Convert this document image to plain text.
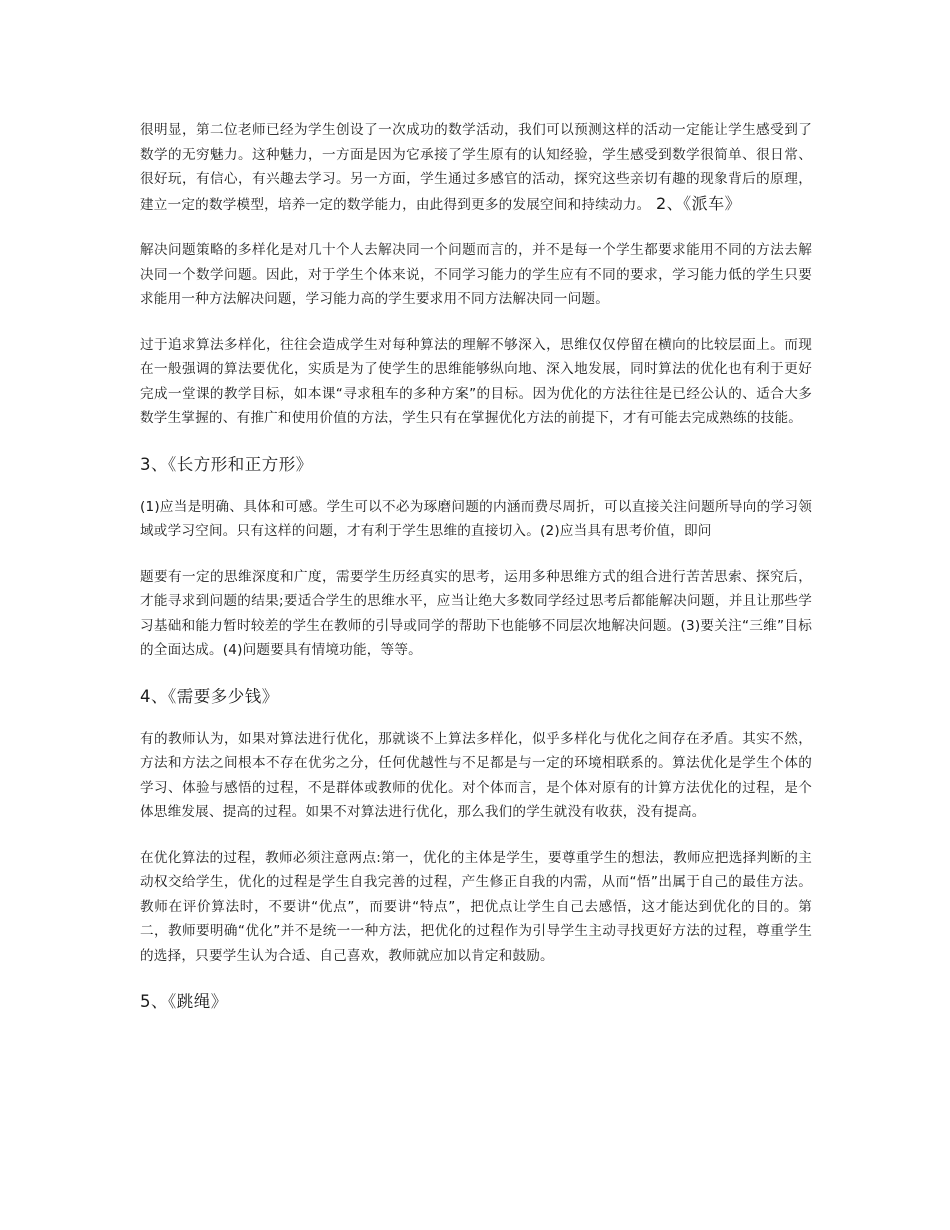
很明显，第二位老师已经为学生创设了一次成功的数学活动，我们可以预测这样的活动一定能让学生感受到了数学的无穷魅力。这种魅力，一方面是因为它承接了学生原有的认知经验，学生感受到数学很简单、很日常、很好玩，有信心，有兴趣去学习。另一方面，学生通过多感官的活动，探究这些亲切有趣的现象背后的原理，建立一定的数学模型，培养一定的数学能力，由此得到更多的发展空间和持续动力。 2、《派车》

解决问题策略的多样化是对几十个人去解决同一个问题而言的，并不是每一个学生都要求能用不同的方法去解决同一个数学问题。因此，对于学生个体来说，不同学习能力的学生应有不同的要求，学习能力低的学生只要求能用一种方法解决问题，学习能力高的学生要求用不同方法解决同一问题。

过于追求算法多样化，往往会造成学生对每种算法的理解不够深入，思维仅仅停留在横向的比较层面上。而现在一般强调的算法要优化，实质是为了使学生的思维能够纵向地、深入地发展，同时算法的优化也有利于更好完成一堂课的教学目标，如本课“寻求租车的多种方案”的目标。因为优化的方法往往是已经公认的、适合大多数学生掌握的、有推广和使用价值的方法，学生只有在掌握优化方法的前提下，才有可能去完成熟练的技能。

3、《长方形和正方形》

(1)应当是明确、具体和可感。学生可以不必为琢磨问题的内涵而费尽周折，可以直接关注问题所导向的学习领域或学习空间。只有这样的问题，才有利于学生思维的直接切入。(2)应当具有思考价值，即问

题要有一定的思维深度和广度，需要学生历经真实的思考，运用多种思维方式的组合进行苦苦思索、探究后，才能寻求到问题的结果;要适合学生的思维水平，应当让绝大多数同学经过思考后都能解决问题，并且让那些学习基础和能力暂时较差的学生在教师的引导或同学的帮助下也能够不同层次地解决问题。(3)要关注“三维”目标的全面达成。(4)问题要具有情境功能，等等。

4、《需要多少钱》

有的教师认为，如果对算法进行优化，那就谈不上算法多样化，似乎多样化与优化之间存在矛盾。其实不然，方法和方法之间根本不存在优劣之分，任何优越性与不足都是与一定的环境相联系的。算法优化是学生个体的学习、体验与感悟的过程，不是群体或教师的优化。对个体而言，是个体对原有的计算方法优化的过程，是个体思维发展、提高的过程。如果不对算法进行优化，那么我们的学生就没有收获，没有提高。

在优化算法的过程，教师必须注意两点:第一，优化的主体是学生，要尊重学生的想法，教师应把选择判断的主动权交给学生，优化的过程是学生自我完善的过程，产生修正自我的内需，从而“悟”出属于自己的最佳方法。教师在评价算法时，不要讲“优点”，而要讲“特点”，把优点让学生自己去感悟，这才能达到优化的目的。第二，教师要明确“优化”并不是统一一种方法，把优化的过程作为引导学生主动寻找更好方法的过程，尊重学生的选择，只要学生认为合适、自己喜欢，教师就应加以肯定和鼓励。

5、《跳绳》
